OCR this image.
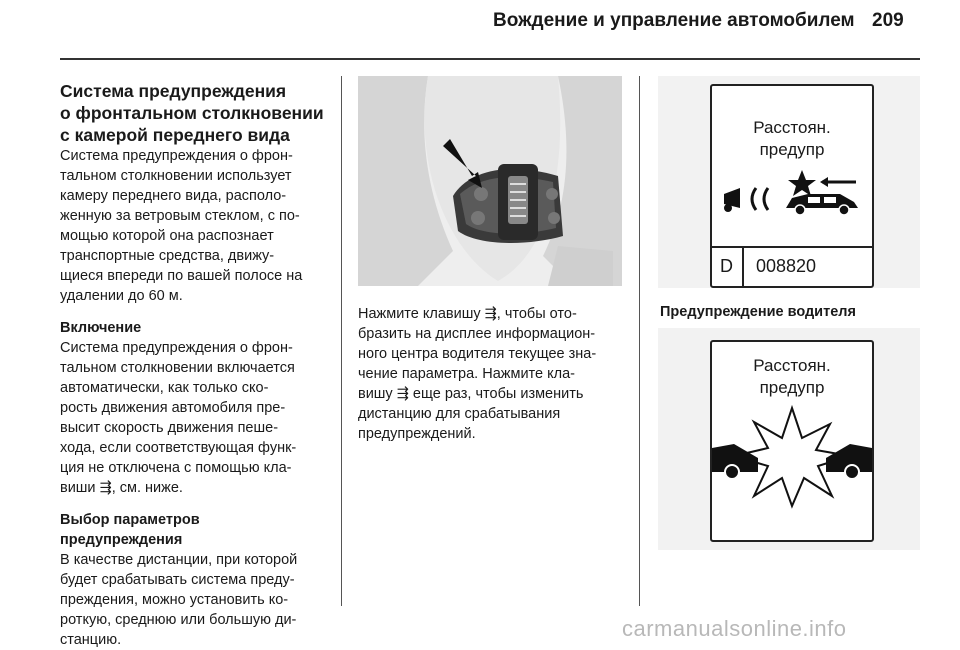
Вождение и управление автомобилем 209
Система предупреждения
о фронтальном столкновении
с камерой переднего вида
Система предупреждения о фрон-
тальном столкновении использует
камеру переднего вида, располо-
женную за ветровым стеклом, с по-
мощью которой она распознает
транспортные средства, движу-
щиеся впереди по вашей полосе на
удалении до 60 м.
Включение
Система предупреждения о фрон-
тальном столкновении включается
автоматически, как только ско-
рость движения автомобиля пре-
высит скорость движения пеше-
хода, если соответствующая функ-
ция не отключена с помощью кла-
виши ⇶, см. ниже.
Выбор параметров
предупреждения
В качестве дистанции, при которой
будет срабатывать система преду-
преждения, можно установить ко-
роткую, среднюю или большую ди-
станцию.
Нажмите клавишу ⇶, чтобы ото-
бразить на дисплее информацион-
ного центра водителя текущее зна-
чение параметра. Нажмите кла-
вишу ⇶ еще раз, чтобы изменить
дистанцию для срабатывания
предупреждений.
Расстоян.
предупр
D 008820
Предупреждение водителя
Расстоян.
предупр
carmanualsonline.info
